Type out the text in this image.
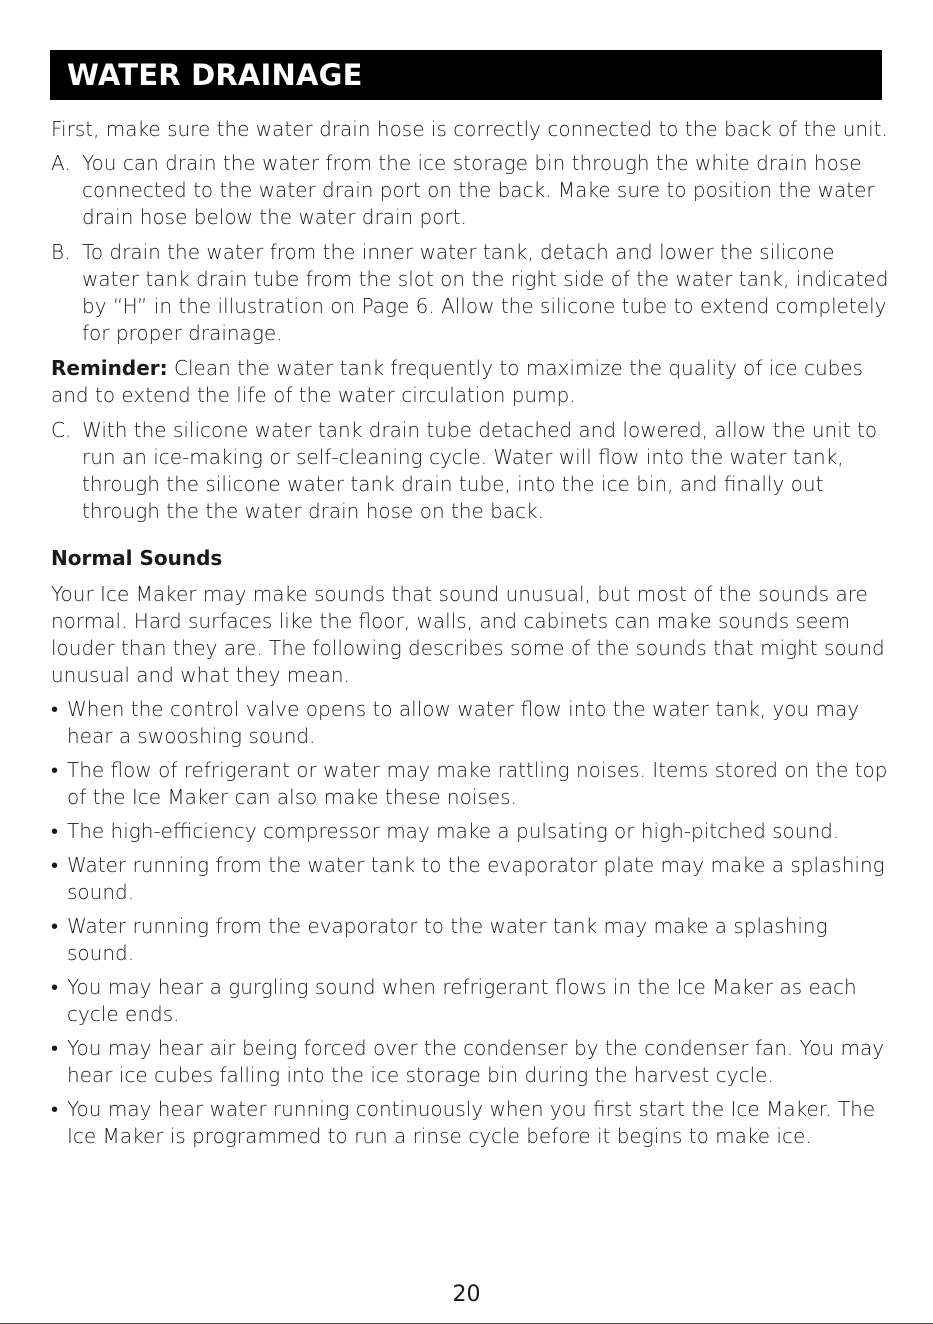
WATER DRAINAGE

First, make sure the water drain hose is correctly connected to the back of the unit.

A. You can drain the water from the ice storage bin through the white drain hose connected to the water drain port on the back. Make sure to position the water drain hose below the water drain port.

B. To drain the water from the inner water tank, detach and lower the silicone water tank drain tube from the slot on the right side of the water tank, indicated by “H” in the illustration on Page 6. Allow the silicone tube to extend completely for proper drainage.

Reminder: Clean the water tank frequently to maximize the quality of ice cubes and to extend the life of the water circulation pump.

C. With the silicone water tank drain tube detached and lowered, allow the unit to run an ice-making or self-cleaning cycle. Water will flow into the water tank, through the silicone water tank drain tube, into the ice bin, and finally out through the the water drain hose on the back.

Normal Sounds

Your Ice Maker may make sounds that sound unusual, but most of the sounds are normal. Hard surfaces like the floor, walls, and cabinets can make sounds seem louder than they are. The following describes some of the sounds that might sound unusual and what they mean.

• When the control valve opens to allow water flow into the water tank, you may hear a swooshing sound.

• The flow of refrigerant or water may make rattling noises. Items stored on the top of the Ice Maker can also make these noises.

• The high-efficiency compressor may make a pulsating or high-pitched sound.

• Water running from the water tank to the evaporator plate may make a splashing sound.

• Water running from the evaporator to the water tank may make a splashing sound.

• You may hear a gurgling sound when refrigerant flows in the Ice Maker as each cycle ends.

• You may hear air being forced over the condenser by the condenser fan. You may hear ice cubes falling into the ice storage bin during the harvest cycle.

• You may hear water running continuously when you first start the Ice Maker. The Ice Maker is programmed to run a rinse cycle before it begins to make ice.

20
